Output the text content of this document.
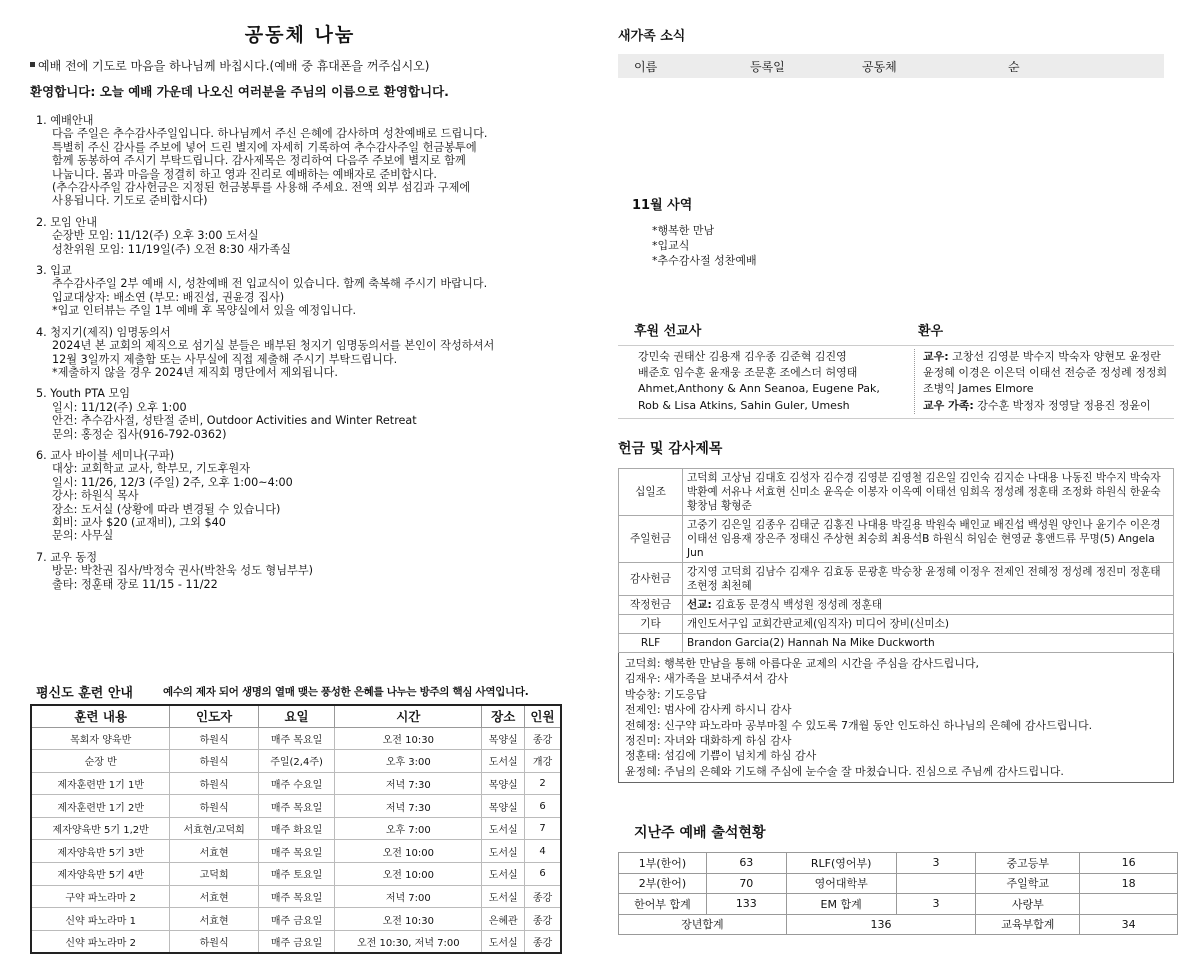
공동체 나눔
예배 전에 기도로 마음을 하나님께 바칩시다.(예배 중 휴대폰을 꺼주십시오)
환영합니다: 오늘 예배 가운데 나오신 여러분을 주님의 이름으로 환영합니다.
1. 예배안내
다음 주일은 추수감사주일입니다. 하나님께서 주신 은혜에 감사하며 성찬예배로 드립니다.
특별히 주신 감사를 주보에 넣어 드린 별지에 자세히 기록하여 추수감사주일 헌금봉투에
함께 동봉하여 주시기 부탁드립니다. 감사제목은 정리하여 다음주 주보에 별지로 함께
나눕니다. 몸과 마음을 정결히 하고 영과 진리로 예배하는 예배자로 준비합시다.
(추수감사주일 감사헌금은 지정된 헌금봉투를 사용해 주세요. 전액 외부 섬김과 구제에
사용됩니다. 기도로 준비합시다)
2. 모임 안내
순장반 모임: 11/12(주) 오후 3:00 도서실
성찬위원 모임: 11/19일(주) 오전 8:30 새가족실
3. 입교
추수감사주일 2부 예배 시, 성찬예배 전 입교식이 있습니다. 함께 축복해 주시기 바랍니다.
입교대상자: 배소연 (부모: 배진섭, 권윤경 집사)
*입교 인터뷰는 주일 1부 예배 후 목양실에서 있을 예정입니다.
4. 청지기(제직) 임명동의서
2024년 본 교회의 제직으로 섬기실 분들은 배부된 청지기 임명동의서를 본인이 작성하셔서
12월 3일까지 제출함 또는 사무실에 직접 제출해 주시기 부탁드립니다.
*제출하지 않을 경우 2024년 제직회 명단에서 제외됩니다.
5. Youth PTA 모임
일시: 11/12(주) 오후 1:00
안건: 추수감사절, 성탄절 준비, Outdoor Activities and Winter Retreat
문의: 홍정순 집사(916-792-0362)
6. 교사 바이블 세미나(구파)
대상: 교회학교 교사, 학부모, 기도후원자
일시: 11/26, 12/3 (주일) 2주, 오후 1:00~4:00
강사: 하원식 목사
장소: 도서실 (상황에 따라 변경될 수 있습니다)
회비: 교사 $20 (교재비), 그외 $40
문의: 사무실
7. 교우 동정
방문: 박찬권 집사/박정숙 권사(박찬욱 성도 형님부부)
출타: 정훈태 장로 11/15 - 11/22
평신도 훈련 안내	예수의 제자 되어 생명의 열매 맺는 풍성한 은혜를 나누는 방주의 핵심 사역입니다.
훈련 내용	인도자	요일	시간	장소	인원
목회자 양육반	하원식	매주 목요일	오전 10:30	목양실	종강
순장 반	하원식	주일(2,4주)	오후 3:00	도서실	개강
제자훈련반 1기 1반	하원식	매주 수요일	저녁 7:30	목양실	2
제자훈련반 1기 2반	하원식	매주 목요일	저녁 7:30	목양실	6
제자양육반 5기 1,2반	서효현/고덕희	매주 화요일	오후 7:00	도서실	7
제자양육반 5기 3반	서효현	매주 목요일	오전 10:00	도서실	4
제자양육반 5기 4반	고덕희	매주 토요일	오전 10:00	도서실	6
구약 파노라마 2	서효현	매주 목요일	저녁 7:00	도서실	종강
신약 파노라마 1	서효현	매주 금요일	오전 10:30	은혜관	종강
신약 파노라마 2	하원식	매주 금요일	오전 10:30, 저녁 7:00	도서실	종강
새가족 소식
이름	등록일	공동체	순
11월 사역
*행복한 만남
*입교식
*추수감사절 성찬예배
후원 선교사	환우
강민숙 권태산 김용재 김우종 김준혁 김진영
배준호 임수훈 윤재웅 조문훈 조에스더 허영태
Ahmet,Anthony & Ann Seanoa, Eugene Pak,
Rob & Lisa Atkins, Sahin Guler, Umesh
교우: 고창선 김영분 박수지 박숙자 양현모 윤정란
윤정혜 이경은 이은덕 이태선 전승준 정성례 정정희
조병익 James Elmore
교우 가족: 강수훈 박정자 정영달 정용진 정윤이
헌금 및 감사제목
십일조	고덕희 고상님 김대호 김성자 김수경 김영분 김영철 김은일 김인숙 김지순 나대용 나동진 박수지 박숙자 박환예 서유나 서효현 신미소 윤옥순 이봉자 이옥예 이태선 임희옥 정성례 정훈태 조정화 하원식 한윤숙 황창님 황형준
주일헌금	고중기 김은일 김종우 김태군 김홍진 나대용 박길용 박원숙 배인교 배진섭 백성원 양인나 윤기수 이은경 이태선 임용재 장은주 정태신 주상현 최승희 최용석B 하원식 허임순 현영균 홍앤드류 무명(5) Angela Jun
감사헌금	강지영 고덕희 김남수 김재우 김효동 문광훈 박승창 윤정혜 이정우 전제인 전혜정 정성례 정진미 정훈태 조현정 최천혜
작정헌금	선교: 김효동 문경식 백성원 정성례 정훈태
기타	개인도서구입 교회간판교체(임직자) 미디어 장비(신미소)
RLF	Brandon Garcia(2) Hannah Na Mike Duckworth
고덕희: 행복한 만남을 통해 아름다운 교제의 시간을 주심을 감사드립니다,
김재우: 새가족을 보내주셔서 감사
박승창: 기도응답
전제인: 범사에 감사케 하시니 감사
전혜정: 신구약 파노라마 공부마칠 수 있도록 7개월 동안 인도하신 하나님의 은혜에 감사드립니다.
정진미: 자녀와 대화하게 하심 감사
정훈태: 섬김에 기쁨이 넘치게 하심 감사
윤정혜: 주님의 은혜와 기도해 주심에 눈수술 잘 마쳤습니다. 진심으로 주님께 감사드립니다.
지난주 예배 출석현황
1부(한어)	63	RLF(영어부)	3	중고등부	16
2부(한어)	70	영어대학부		주일학교	18
한어부 합계	133	EM 합계	3	사랑부	
장년합계		136		교육부합계	34
